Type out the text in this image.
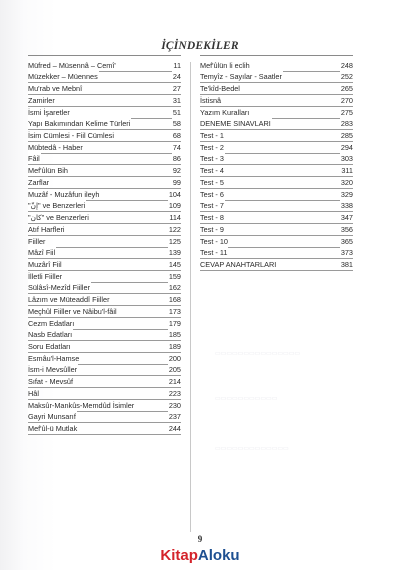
İÇİNDEKİLER
Müfred – Müsennâ – Cemî'	11
Müzekker – Müennes	24
Mu'rab ve Mebnî	27
Zamirler	31
İsmi İşaretler	51
Yapı Bakımından Kelime Türleri	58
İsim Cümlesi - Fiil Cümlesi	68
Mübtedâ - Haber	74
Fâil	86
Mef'ûlün Bih	92
Zarflar	99
Muzâf - Muzâfun ileyh	104
"إنّ" ve Benzerleri	109
"كان" ve Benzerleri	114
Atıf Harfleri	122
Fiiller	125
Mâzî Fiil	139
Muzârî Fiil	145
İlletli Fiiller	159
Sülâsî-Mezîd Fiiller	162
Lâzım ve Müteaddî Fiiller	168
Meçhûl Fiiller ve Nâibu'l-fâil	173
Cezm Edatları	179
Nasb Edatları	185
Soru Edatları	189
Esmâu'l-Hamse	200
İsm-i Mevsûller	205
Sıfat - Mevsûf	214
Hâl	223
Maksûr-Mankûs-Memdûd İsimler	230
Gayri Munsarıf	237
Mef'ûl-ü Mutlak	244
Mef'ûlün li eclih	248
Temyîz - Sayılar - Saatler	252
Te'kîd-Bedel	265
İstisnâ	270
Yazım Kuralları	275
DENEME SINAVLARI	283
Test - 1	285
Test - 2	294
Test - 3	303
Test - 4	311
Test - 5	320
Test - 6	329
Test - 7	338
Test - 8	347
Test - 9	356
Test - 10	365
Test - 11	373
CEVAP ANAHTARLARI	381
▭▭▭▭▭▭▭▭▭▭▭▭▭▭▭
▭▭▭▭▭▭▭▭▭▭▭
▭▭▭▭▭▭▭▭▭▭▭▭▭
9
KitapAloku
